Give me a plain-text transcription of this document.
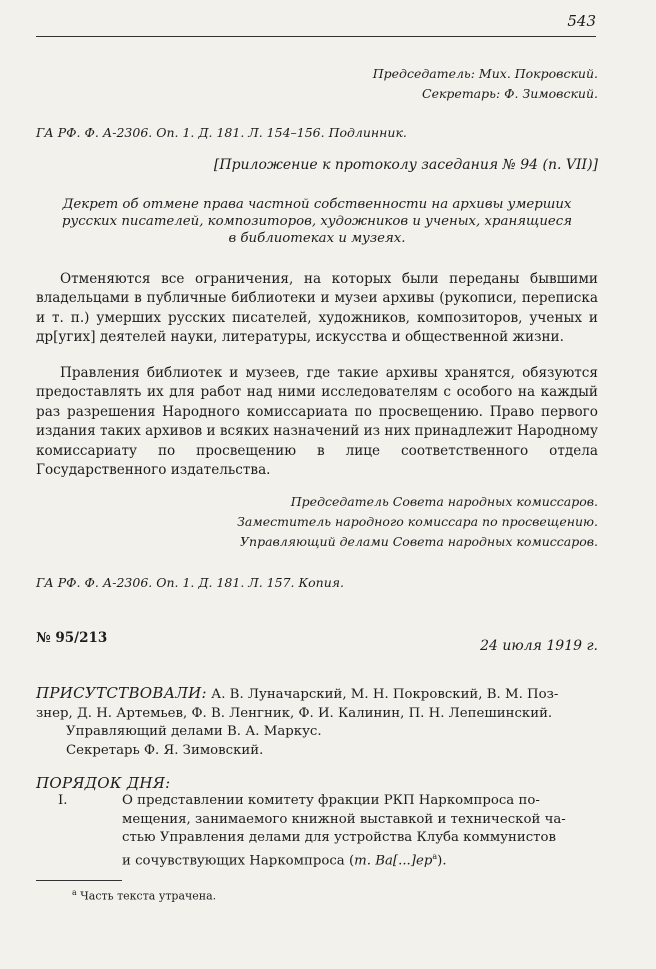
543
Председатель: Мих. Покровский.
Секретарь: Ф. Зимовский.
ГА РФ. Ф. А-2306. Оп. 1. Д. 181. Л. 154–156. Подлинник.
[Приложение к протоколу заседания № 94 (п. VII)]
Декрет об отмене права частной собственности на архивы умерших
русских писателей, композиторов, художников и ученых, хранящиеся
в библиотеках и музеях.

Отменяются все ограничения, на которых были переданы бывшими владельцами в публичные библиотеки и музеи архивы (рукописи, переписка и т. п.) умерших русских писателей, художников, композиторов, ученых и др[угих] деятелей науки, литературы, искусства и общественной жизни.

Правления библиотек и музеев, где такие архивы хранятся, обязуются предоставлять их для работ над ними исследователям с особого на каждый раз разрешения Народного комиссариата по просвещению. Право первого издания таких архивов и всяких назначений из них принадлежит Народному комиссариату по просвещению в лице соответственного отдела Государственного издательства.

Председатель Совета народных комиссаров.
Заместитель народного комиссара по просвещению.
Управляющий делами Совета народных комиссаров.
ГА РФ. Ф. А-2306. Оп. 1. Д. 181. Л. 157. Копия.
№ 95/213	24 июля 1919 г.
ПРИСУТСТВОВАЛИ: А. В. Луначарский, М. Н. Покровский, В. М. Поз-
знер, Д. Н. Артемьев, Ф. В. Ленгник, Ф. И. Калинин, П. Н. Лепешинский.
Управляющий делами В. А. Маркус.
Секретарь Ф. Я. Зимовский.
ПОРЯДОК ДНЯ:
I.	О представлении комитету фракции РКП Наркомпроса по-
мещения, занимаемого книжной выставкой и технической ча-
стью Управления делами для устройства Клуба коммунистов
и сочувствующих Наркомпроса (т. $Ва[...]ер^а$).
$^а$ Часть текста утрачена.
